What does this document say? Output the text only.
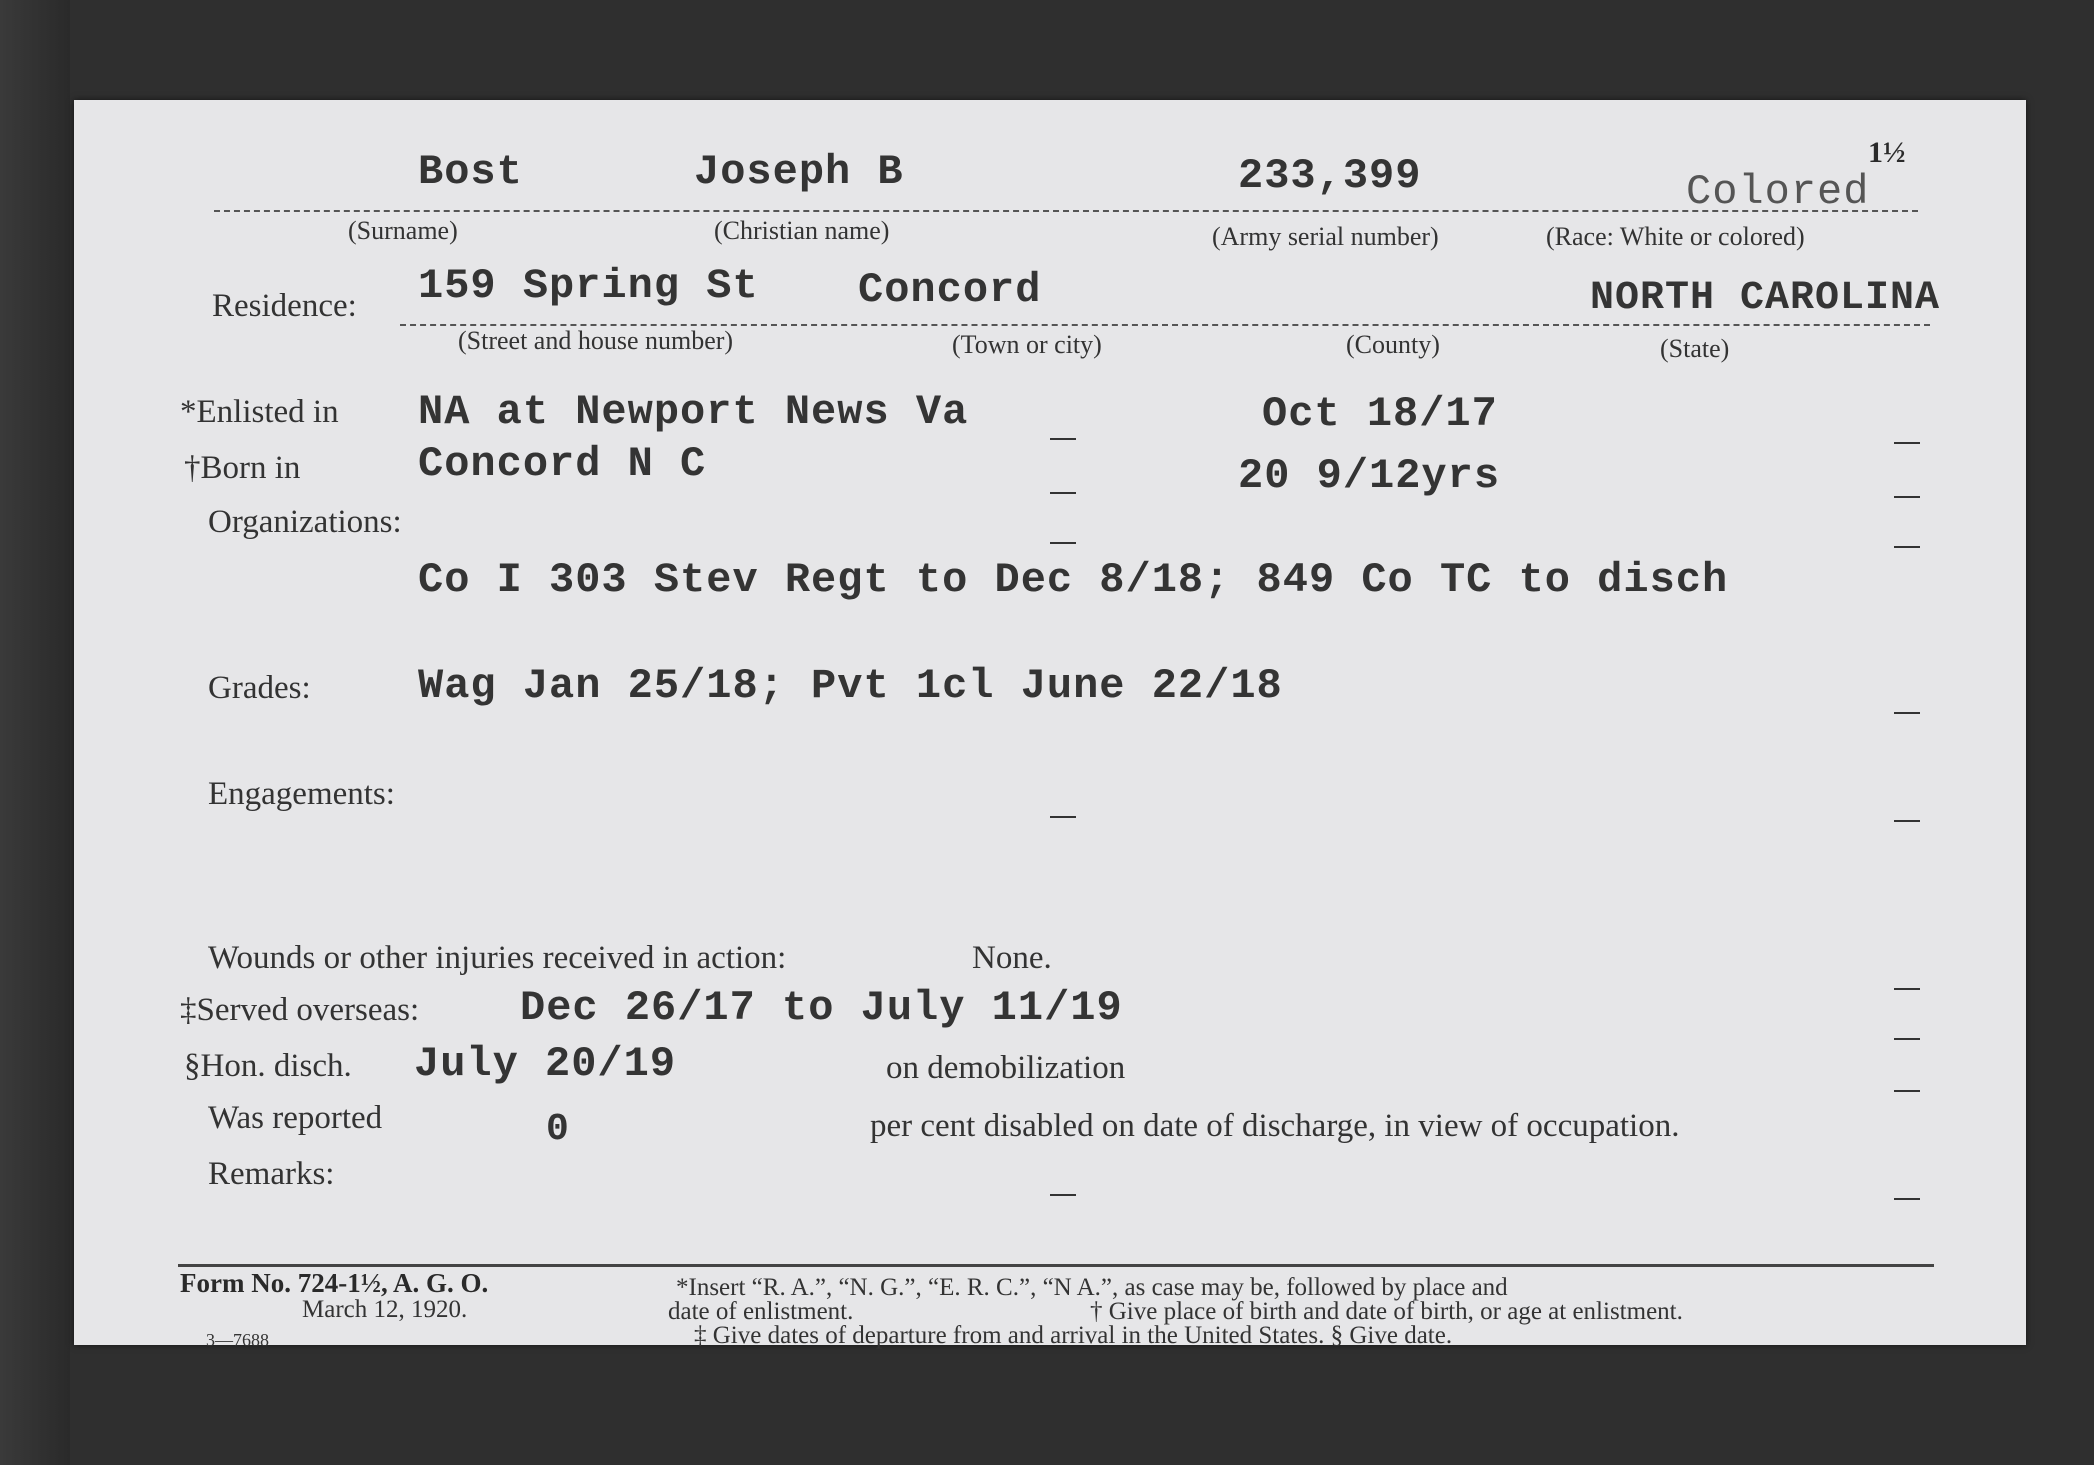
1½
Bost	Joseph B	233,399	Colored
(Surname)	(Christian name)	(Army serial number)	(Race: White or colored)
Residence: 159 Spring St Concord	NORTH CAROLINA
(Street and house number)	(Town or city)	(County)	(State)
*Enlisted in NA at Newport News Va	Oct 18/17
†Born in	Concord N C	20 9/12yrs
Organizations:
Co I 303 Stev Regt to Dec 8/18; 849 Co TC to disch
Grades:	Wag Jan 25/18; Pvt 1cl June 22/18
Engagements:
Wounds or other injuries received in action:	None.
‡Served overseas: Dec 26/17 to July 11/19
§Hon. disch. July 20/19	on demobilization
Was reported	0	per cent disabled on date of discharge, in view of occupation.
Remarks:
Form No. 724-1½, A. G. O.
March 12, 1920.
3—7688
*Insert “R. A.”, “N. G.”, “E. R. C.”, “N A.”, as case may be, followed by place and
date of enlistment.	† Give place of birth and date of birth, or age at enlistment.
‡ Give dates of departure from and arrival in the United States. § Give date.
